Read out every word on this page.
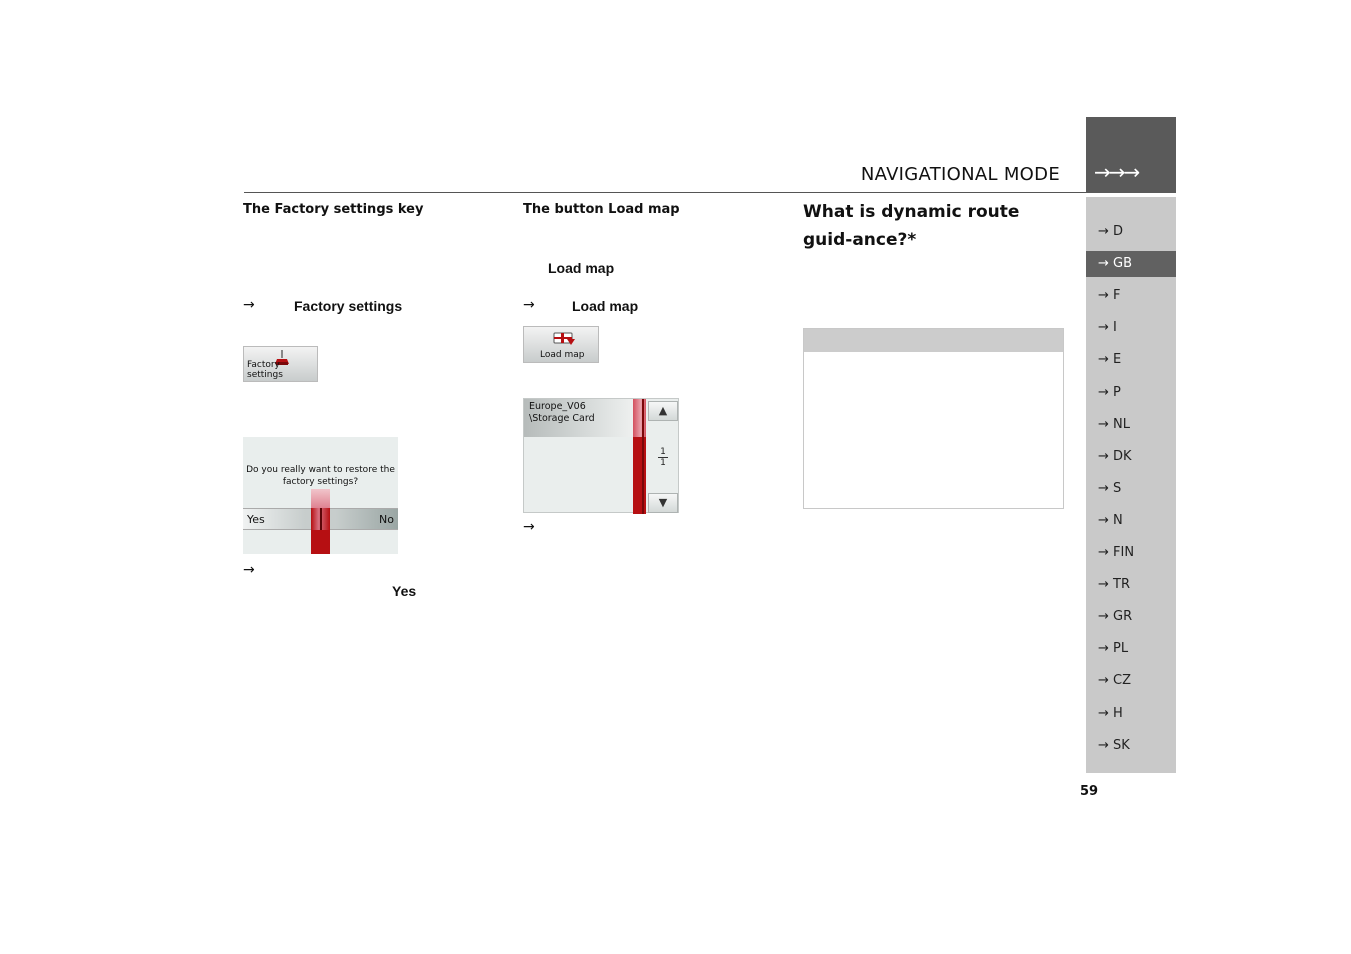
NAVIGATIONAL MODE →→→
→ D
→ GB
→ F
→ I
→ E
→ P
→ NL
→ DK
→ S
→ N
→ FIN
→ TR
→ GR
→ PL
→ CZ
→ H
→ SK
59
The Factory settings key
→	Factory settings
Factory settings
Do you really want to restore the
factory settings?
Yes	No
→
Yes
The button Load map
Load map
→	Load map
Load map
Europe_V06
\Storage Card
▲
1
1
▼
→
What is dynamic route guid-ance?*
